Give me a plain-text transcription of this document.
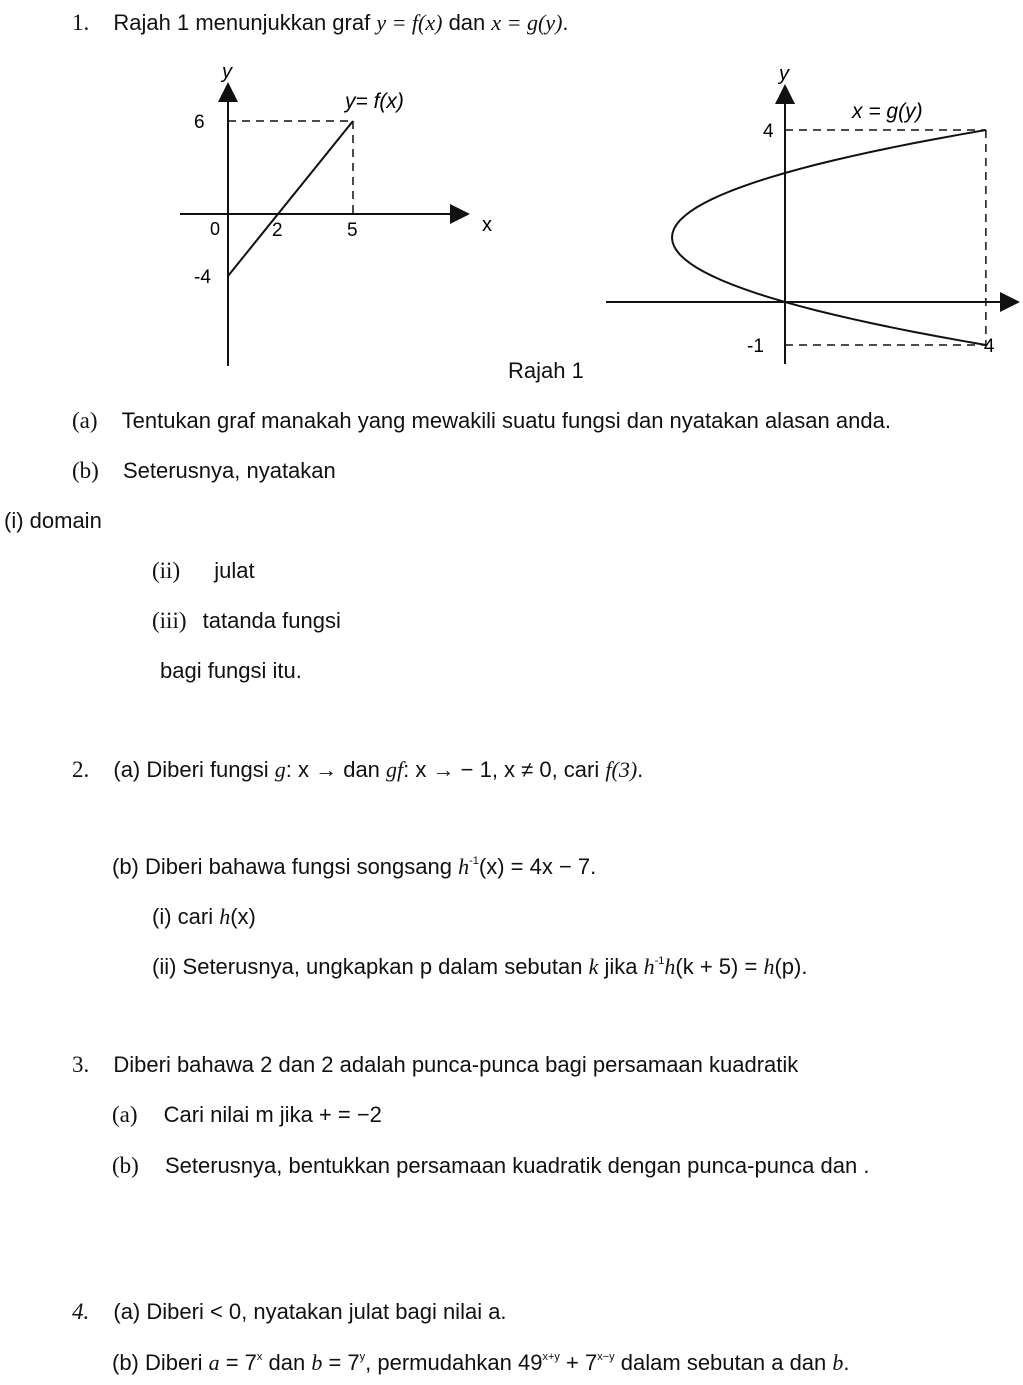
1. Rajah 1 menunjukkan graf y = f(x) dan x = g(y).
y
x
0	2	5
6
-4
y= f(x)
y
4
-1	4
x = g(y)
Rajah 1
(a) Tentukan graf manakah yang mewakili suatu fungsi dan nyatakan alasan anda.
(b) Seterusnya, nyatakan
(i) domain
(ii) julat
(iii) tatanda fungsi
bagi fungsi itu.
2. (a) Diberi fungsi g: x → dan gf: x → − 1, x ≠ 0, cari f(3).
(b) Diberi bahawa fungsi songsang $h^{-1}(x) = 4x - 7$.
(i) cari h(x)
(ii) Seterusnya, ungkapkan p dalam sebutan k jika $h^{-1}h(k + 5) = h(p)$.
3. Diberi bahawa 2 dan 2 adalah punca-punca bagi persamaan kuadratik
(a) Cari nilai m jika + = −2
(b) Seterusnya, bentukkan persamaan kuadratik dengan punca-punca dan .
4. (a) Diberi < 0, nyatakan julat bagi nilai a.
(b) Diberi $a = 7^x$ dan $b = 7^y$, permudahkan $49^{x+y} + 7^{x-y}$ dalam sebutan a dan b.
